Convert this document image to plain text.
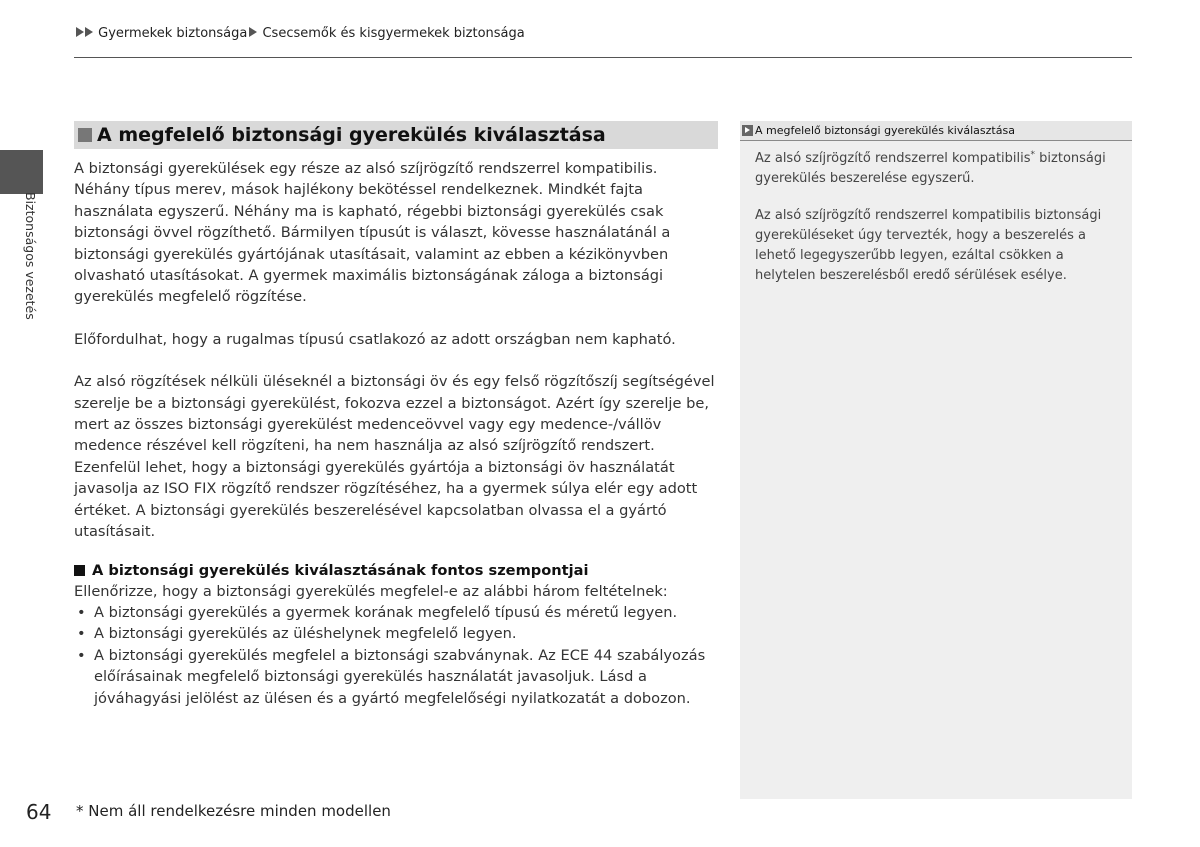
Gyermekek biztonsága Csecsemők és kisgyermekek biztonsága
Biztonságos vezetés
A megfelelő biztonsági gyerekülés kiválasztása

A biztonsági gyerekülések egy része az alsó szíjrögzítő rendszerrel kompatibilis. Néhány típus merev, mások hajlékony bekötéssel rendelkeznek. Mindkét fajta használata egyszerű. Néhány ma is kapható, régebbi biztonsági gyerekülés csak biztonsági övvel rögzíthető. Bármilyen típusút is választ, kövesse használatánál a biztonsági gyerekülés gyártójának utasításait, valamint az ebben a kézikönyvben olvasható utasításokat. A gyermek maximális biztonságának záloga a biztonsági gyerekülés megfelelő rögzítése.

Előfordulhat, hogy a rugalmas típusú csatlakozó az adott országban nem kapható.

Az alsó rögzítések nélküli üléseknél a biztonsági öv és egy felső rögzítőszíj segítségével szerelje be a biztonsági gyerekülést, fokozva ezzel a biztonságot. Azért így szerelje be, mert az összes biztonsági gyerekülést medenceövvel vagy egy medence-/vállöv medence részével kell rögzíteni, ha nem használja az alsó szíjrögzítő rendszert. Ezenfelül lehet, hogy a biztonsági gyerekülés gyártója a biztonsági öv használatát javasolja az ISO FIX rögzítő rendszer rögzítéséhez, ha a gyermek súlya elér egy adott értéket. A biztonsági gyerekülés beszerelésével kapcsolatban olvassa el a gyártó utasításait.

A biztonsági gyerekülés kiválasztásának fontos szempontjai

Ellenőrizze, hogy a biztonsági gyerekülés megfelel-e az alábbi három feltételnek:

• A biztonsági gyerekülés a gyermek korának megfelelő típusú és méretű legyen.
• A biztonsági gyerekülés az üléshelynek megfelelő legyen.
• A biztonsági gyerekülés megfelel a biztonsági szabványnak. Az ECE 44 szabályozás előírásainak megfelelő biztonsági gyerekülés használatát javasoljuk. Lásd a jóváhagyási jelölést az ülésen és a gyártó megfelelőségi nyilatkozatát a dobozon.
A megfelelő biztonsági gyerekülés kiválasztása

Az alsó szíjrögzítő rendszerrel kompatibilis* biztonsági gyerekülés beszerelése egyszerű.

Az alsó szíjrögzítő rendszerrel kompatibilis biztonsági gyereküléseket úgy tervezték, hogy a beszerelés a lehető legegyszerűbb legyen, ezáltal csökken a helytelen beszerelésből eredő sérülések esélye.

64 * Nem áll rendelkezésre minden modellen
